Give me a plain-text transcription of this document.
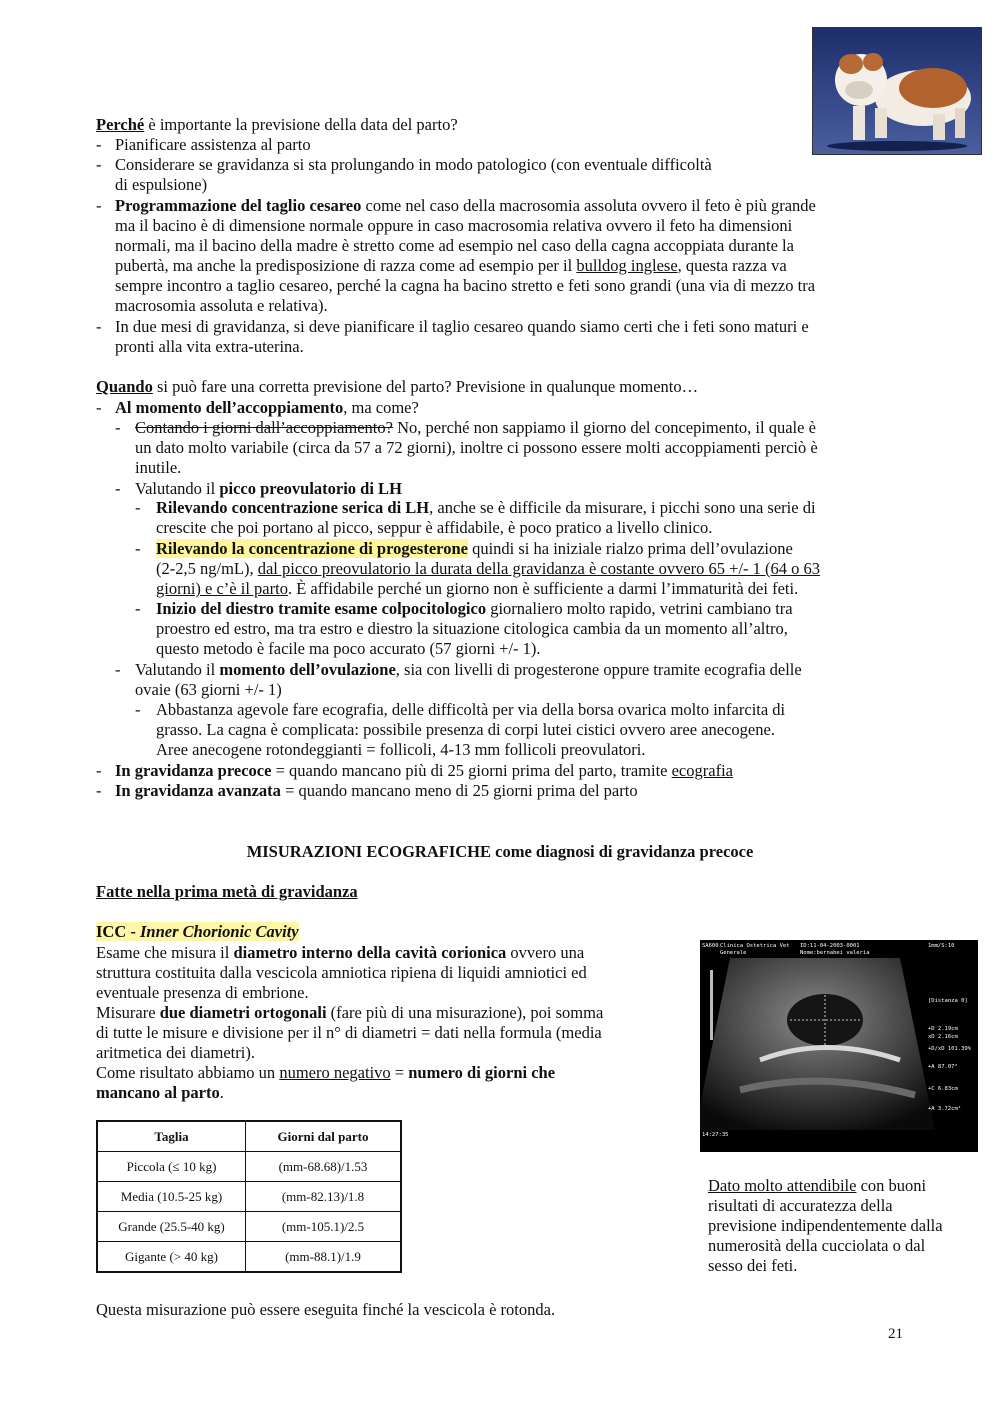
Perché è importante la previsione della data del parto?
- Pianificare assistenza al parto
- Considerare se gravidanza si sta prolungando in modo patologico (con eventuale difficoltà
di espulsione)
- Programmazione del taglio cesareo come nel caso della macrosomia assoluta ovvero il feto è più grande
ma il bacino è di dimensione normale oppure in caso macrosomia relativa ovvero il feto ha dimensioni
normali, ma il bacino della madre è stretto come ad esempio nel caso della cagna accoppiata durante la
pubertà, ma anche la predisposizione di razza come ad esempio per il bulldog inglese, questa razza va
sempre incontro a taglio cesareo, perché la cagna ha bacino stretto e feti sono grandi (una via di mezzo tra
macrosomia assoluta e relativa).
- In due mesi di gravidanza, si deve pianificare il taglio cesareo quando siamo certi che i feti sono maturi e
pronti alla vita extra-uterina.
Quando si può fare una corretta previsione del parto? Previsione in qualunque momento…
- Al momento dell’accoppiamento, ma come?
- Contando i giorni dall’accoppiamento? No, perché non sappiamo il giorno del concepimento, il quale è
un dato molto variabile (circa da 57 a 72 giorni), inoltre ci possono essere molti accoppiamenti perciò è
inutile.
- Valutando il picco preovulatorio di LH
- Rilevando concentrazione serica di LH, anche se è difficile da misurare, i picchi sono una serie di
crescite che poi portano al picco, seppur è affidabile, è poco pratico a livello clinico.
- Rilevando la concentrazione di progesterone quindi si ha iniziale rialzo prima dell’ovulazione
(2-2,5 ng/mL), dal picco preovulatorio la durata della gravidanza è costante ovvero 65 +/- 1 (64 o 63
giorni) e c’è il parto. È affidabile perché un giorno non è sufficiente a darmi l’immaturità dei feti.
- Inizio del diestro tramite esame colpocitologico giornaliero molto rapido, vetrini cambiano tra
proestro ed estro, ma tra estro e diestro la situazione citologica cambia da un momento all’altro,
questo metodo è facile ma poco accurato (57 giorni +/- 1).
- Valutando il momento dell’ovulazione, sia con livelli di progesterone oppure tramite ecografia delle
ovaie (63 giorni +/- 1)
- Abbastanza agevole fare ecografia, delle difficoltà per via della borsa ovarica molto infarcita di
grasso. La cagna è complicata: possibile presenza di corpi lutei cistici ovvero aree anecogene.
Aree anecogene rotondeggianti = follicoli, 4-13 mm follicoli preovulatori.
- In gravidanza precoce = quando mancano più di 25 giorni prima del parto, tramite ecografia
- In gravidanza avanzata = quando mancano meno di 25 giorni prima del parto
MISURAZIONI ECOGRAFICHE come diagnosi di gravidanza precoce
Fatte nella prima metà di gravidanza
ICC - Inner Chorionic Cavity
Esame che misura il diametro interno della cavità corionica ovvero una
struttura costituita dalla vescicola amniotica ripiena di liquidi amniotici ed
eventuale presenza di embrione.
Misurare due diametri ortogonali (fare più di una misurazione), poi somma
di tutte le misure e divisione per il n° di diametri = dati nella formula (media
aritmetica dei diametri).
Come risultato abbiamo un numero negativo = numero di giorni che
mancano al parto.
Taglia	Giorni dal parto
Piccola (≤ 10 kg)	(mm-68.68)/1.53
Media (10.5-25 kg)	(mm-82.13)/1.8
Grande (25.5-40 kg)	(mm-105.1)/2.5
Gigante (> 40 kg)	(mm-88.1)/1.9
SA600 Clinica Ostetrica Vet ID:11-04-2003-0001
Generale	Nome:bernabei valeria
1mm/S:10
[Distanza 0]
+D 2.19cm
xD 2.16cm
+D/xD 101.39%
+A 87.07°
+C 6.83cm
+A 3.72cm²
14:27:35
Dato molto attendibile con buoni
risultati di accuratezza della
previsione indipendentemente dalla
numerosità della cucciolata o dal
sesso dei feti.
Questa misurazione può essere eseguita finché la vescicola è rotonda.
21
